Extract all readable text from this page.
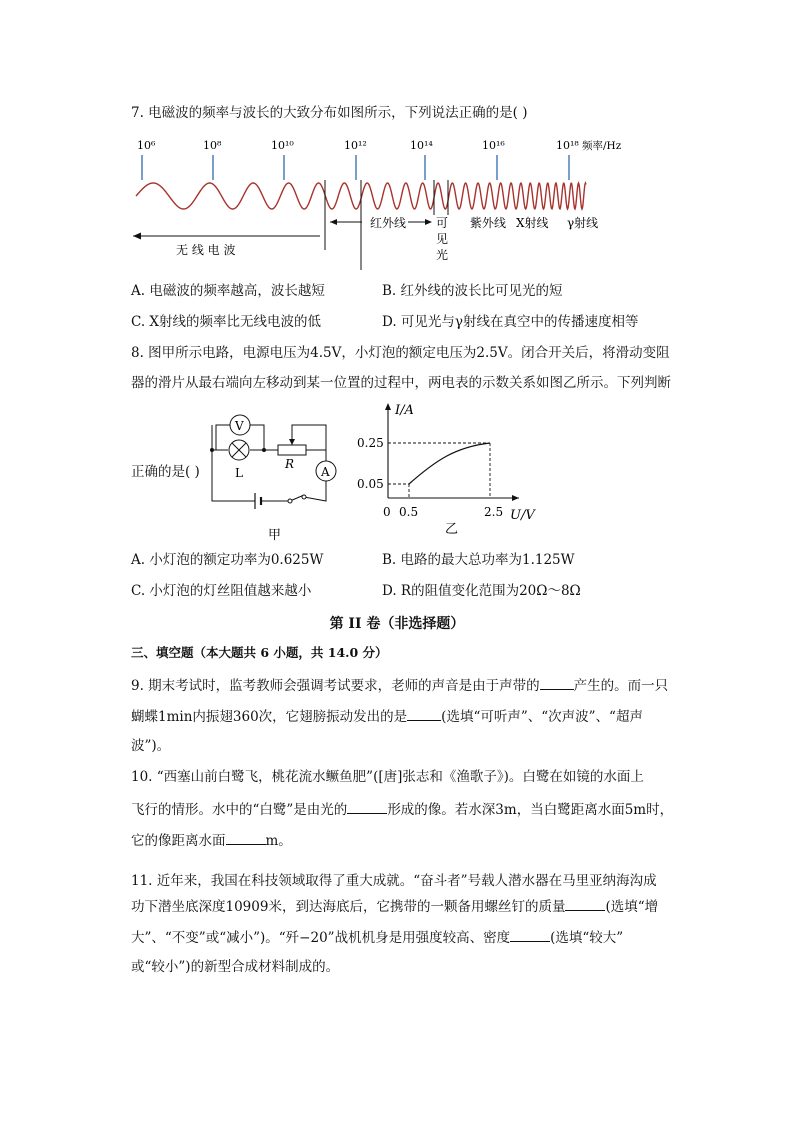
7. 电磁波的频率与波长的大致分布如图所示，下列说法正确的是( )
10⁶	10⁸	10¹⁰	10¹²	10¹⁴	10¹⁶	10¹⁸ 频率/Hz
红外线 可
见
光
紫外线 X射线 γ射线
无 线 电 波
A. 电磁波的频率越高，波长越短	B. 红外线的波长比可见光的短
C. X射线的频率比无线电波的低	D. 可见光与γ射线在真空中的传播速度相等
8. 图甲所示电路，电源电压为4.5V，小灯泡的额定电压为2.5V。闭合开关后，将滑动变阻
器的滑片从最右端向左移动到某一位置的过程中，两电表的示数关系如图乙所示。下列判断
正确的是( )
V
L
R
A
甲
I/A
U/V
0
0.25
0.05
0.5	2.5
乙
A. 小灯泡的额定功率为0.625W	B. 电路的最大总功率为1.125W
C. 小灯泡的灯丝阻值越来越小	D. R的阻值变化范围为20Ω～8Ω
第 II 卷（非选择题）
三、填空题（本大题共 6 小题，共 14.0 分）
9. 期末考试时，监考教师会强调考试要求，老师的声音是由于声带的	产生的。而一只
蝴蝶1min内振翅360次，它翅膀振动发出的是	(选填“可听声”、“次声波”、“超声
波”)。
10. “西塞山前白鹭飞，桃花流水鳜鱼肥”([唐]张志和《渔歌子》)。白鹭在如镜的水面上
飞行的情形。水中的“白鹭”是由光的	形成的像。若水深3m，当白鹭距离水面5m时，
它的像距离水面	m。
11. 近年来，我国在科技领域取得了重大成就。“奋斗者”号载人潜水器在马里亚纳海沟成
功下潜坐底深度10909米，到达海底后，它携带的一颗备用螺丝钉的质量	(选填“增
大”、“不变”或“减小”)。“歼−20”战机机身是用强度较高、密度	(选填“较大”
或“较小”)的新型合成材料制成的。
